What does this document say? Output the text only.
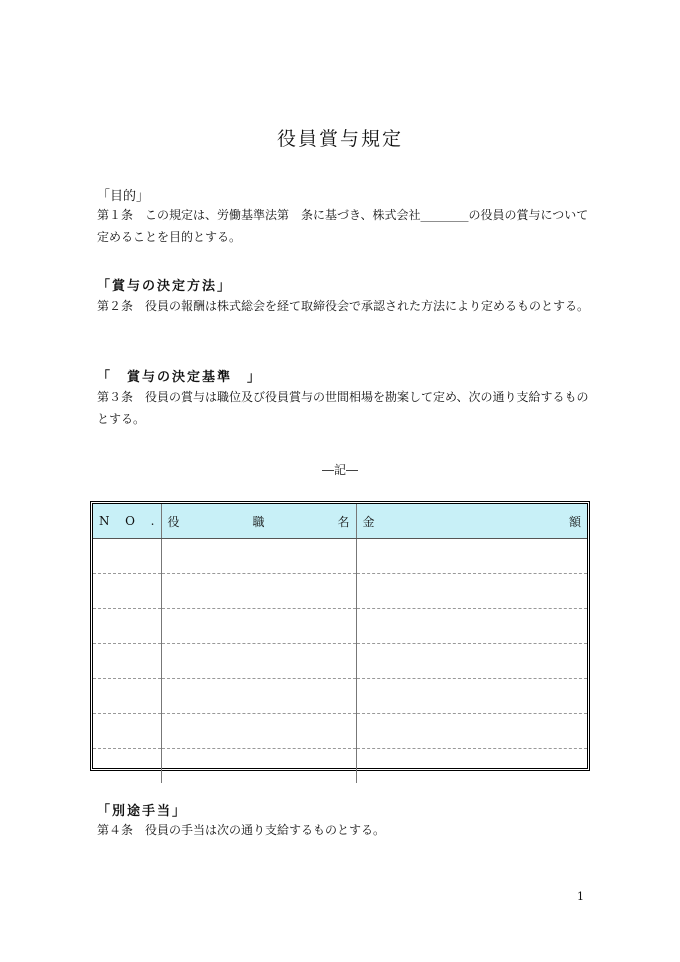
役員賞与規定
「目的」
第１条　この規定は、労働基準法第　条に基づき、株式会社________の役員の賞与について定めることを目的とする。
「賞与の決定方法」
第２条　役員の報酬は株式総会を経て取締役会で承認された方法により定めるものとする。
「　賞与の決定基準　」
第３条　役員の賞与は職位及び役員賞与の世間相場を勘案して定め、次の通り支給するものとする。
―記―
N O .	役 職 名	金 額

「別途手当」
第４条　役員の手当は次の通り支給するものとする。
1
